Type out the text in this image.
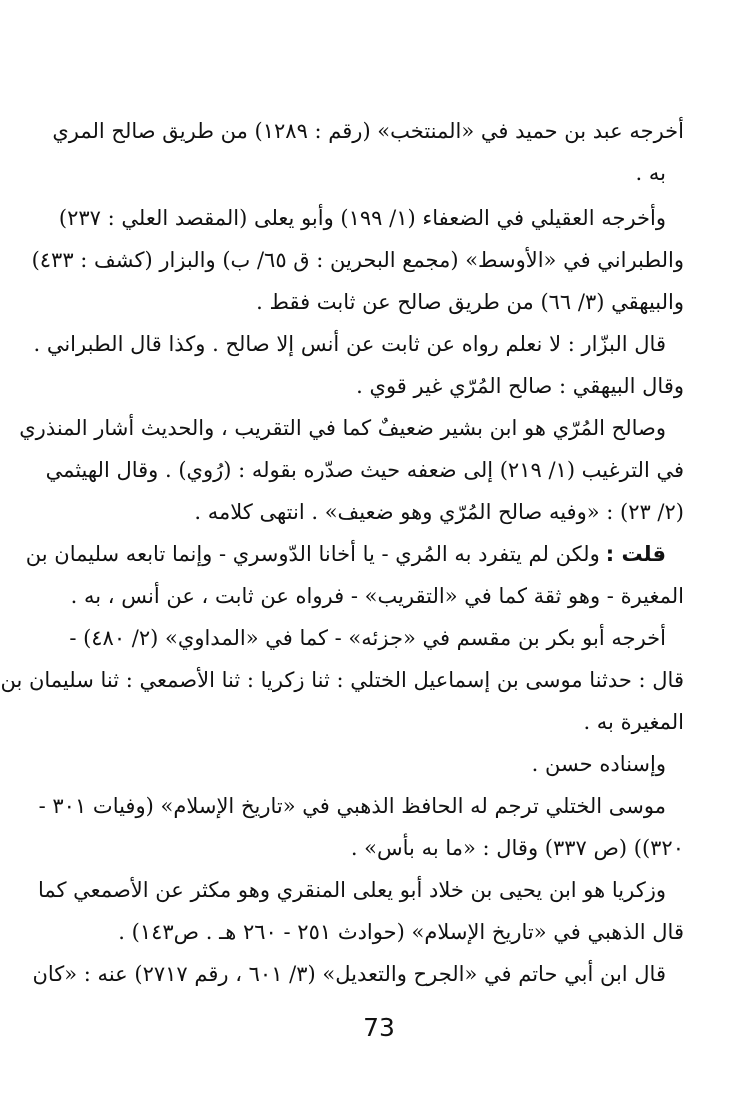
أخرجه عبد بن حميد في «المنتخب» (رقم : ١٢٨٩) من طريق صالح المري
به .
وأخرجه العقيلي في الضعفاء (١/ ١٩٩) وأبو يعلى (المقصد العلي : ٢٣٧)
والطبراني في «الأوسط» (مجمع البحرين : ق ٦٥/ ب) والبزار (كشف : ٤٣٣)
والبيهقي (٣/ ٦٦) من طريق صالح عن ثابت فقط .
قال البزّار : لا نعلم رواه عن ثابت عن أنس إلا صالح . وكذا قال الطبراني .
وقال البيهقي : صالح المُرّي غير قوي .
وصالح المُرّي هو ابن بشير ضعيفٌ كما في التقريب ، والحديث أشار المنذري
في الترغيب (١/ ٢١٩) إلى ضعفه حيث صدّره بقوله : (رُوي) . وقال الهيثمي
(٢/ ٢٣) : «وفيه صالح المُرّي وهو ضعيف» . انتهى كلامه .
قلت :ولكن لم يتفرد به المُري - يا أخانا الدّوسري - وإنما تابعه سليمان بن
المغيرة - وهو ثقة كما في «التقريب» - فرواه عن ثابت ، عن أنس ، به .
أخرجه أبو بكر بن مقسم في «جزئه» - كما في «المداوي» (٢/ ٤٨٠) -
قال : حدثنا موسى بن إسماعيل الختلي : ثنا زكريا : ثنا الأصمعي : ثنا سليمان بن
المغيرة به .
وإسناده حسن .
موسى الختلي ترجم له الحافظ الذهبي في «تاريخ الإسلام» (وفيات ٣٠١ -
٣٢٠)) (ص ٣٣٧) وقال : «ما به بأس» .
وزكريا هو ابن يحيى بن خلاد أبو يعلى المنقري وهو مكثر عن الأصمعي كما
قال الذهبي في «تاريخ الإسلام» (حوادث ٢٥١ - ٢٦٠ هـ . ص١٤٣) .
قال ابن أبي حاتم في «الجرح والتعديل» (٣/ ٦٠١ ، رقم ٢٧١٧) عنه : «كان
73
